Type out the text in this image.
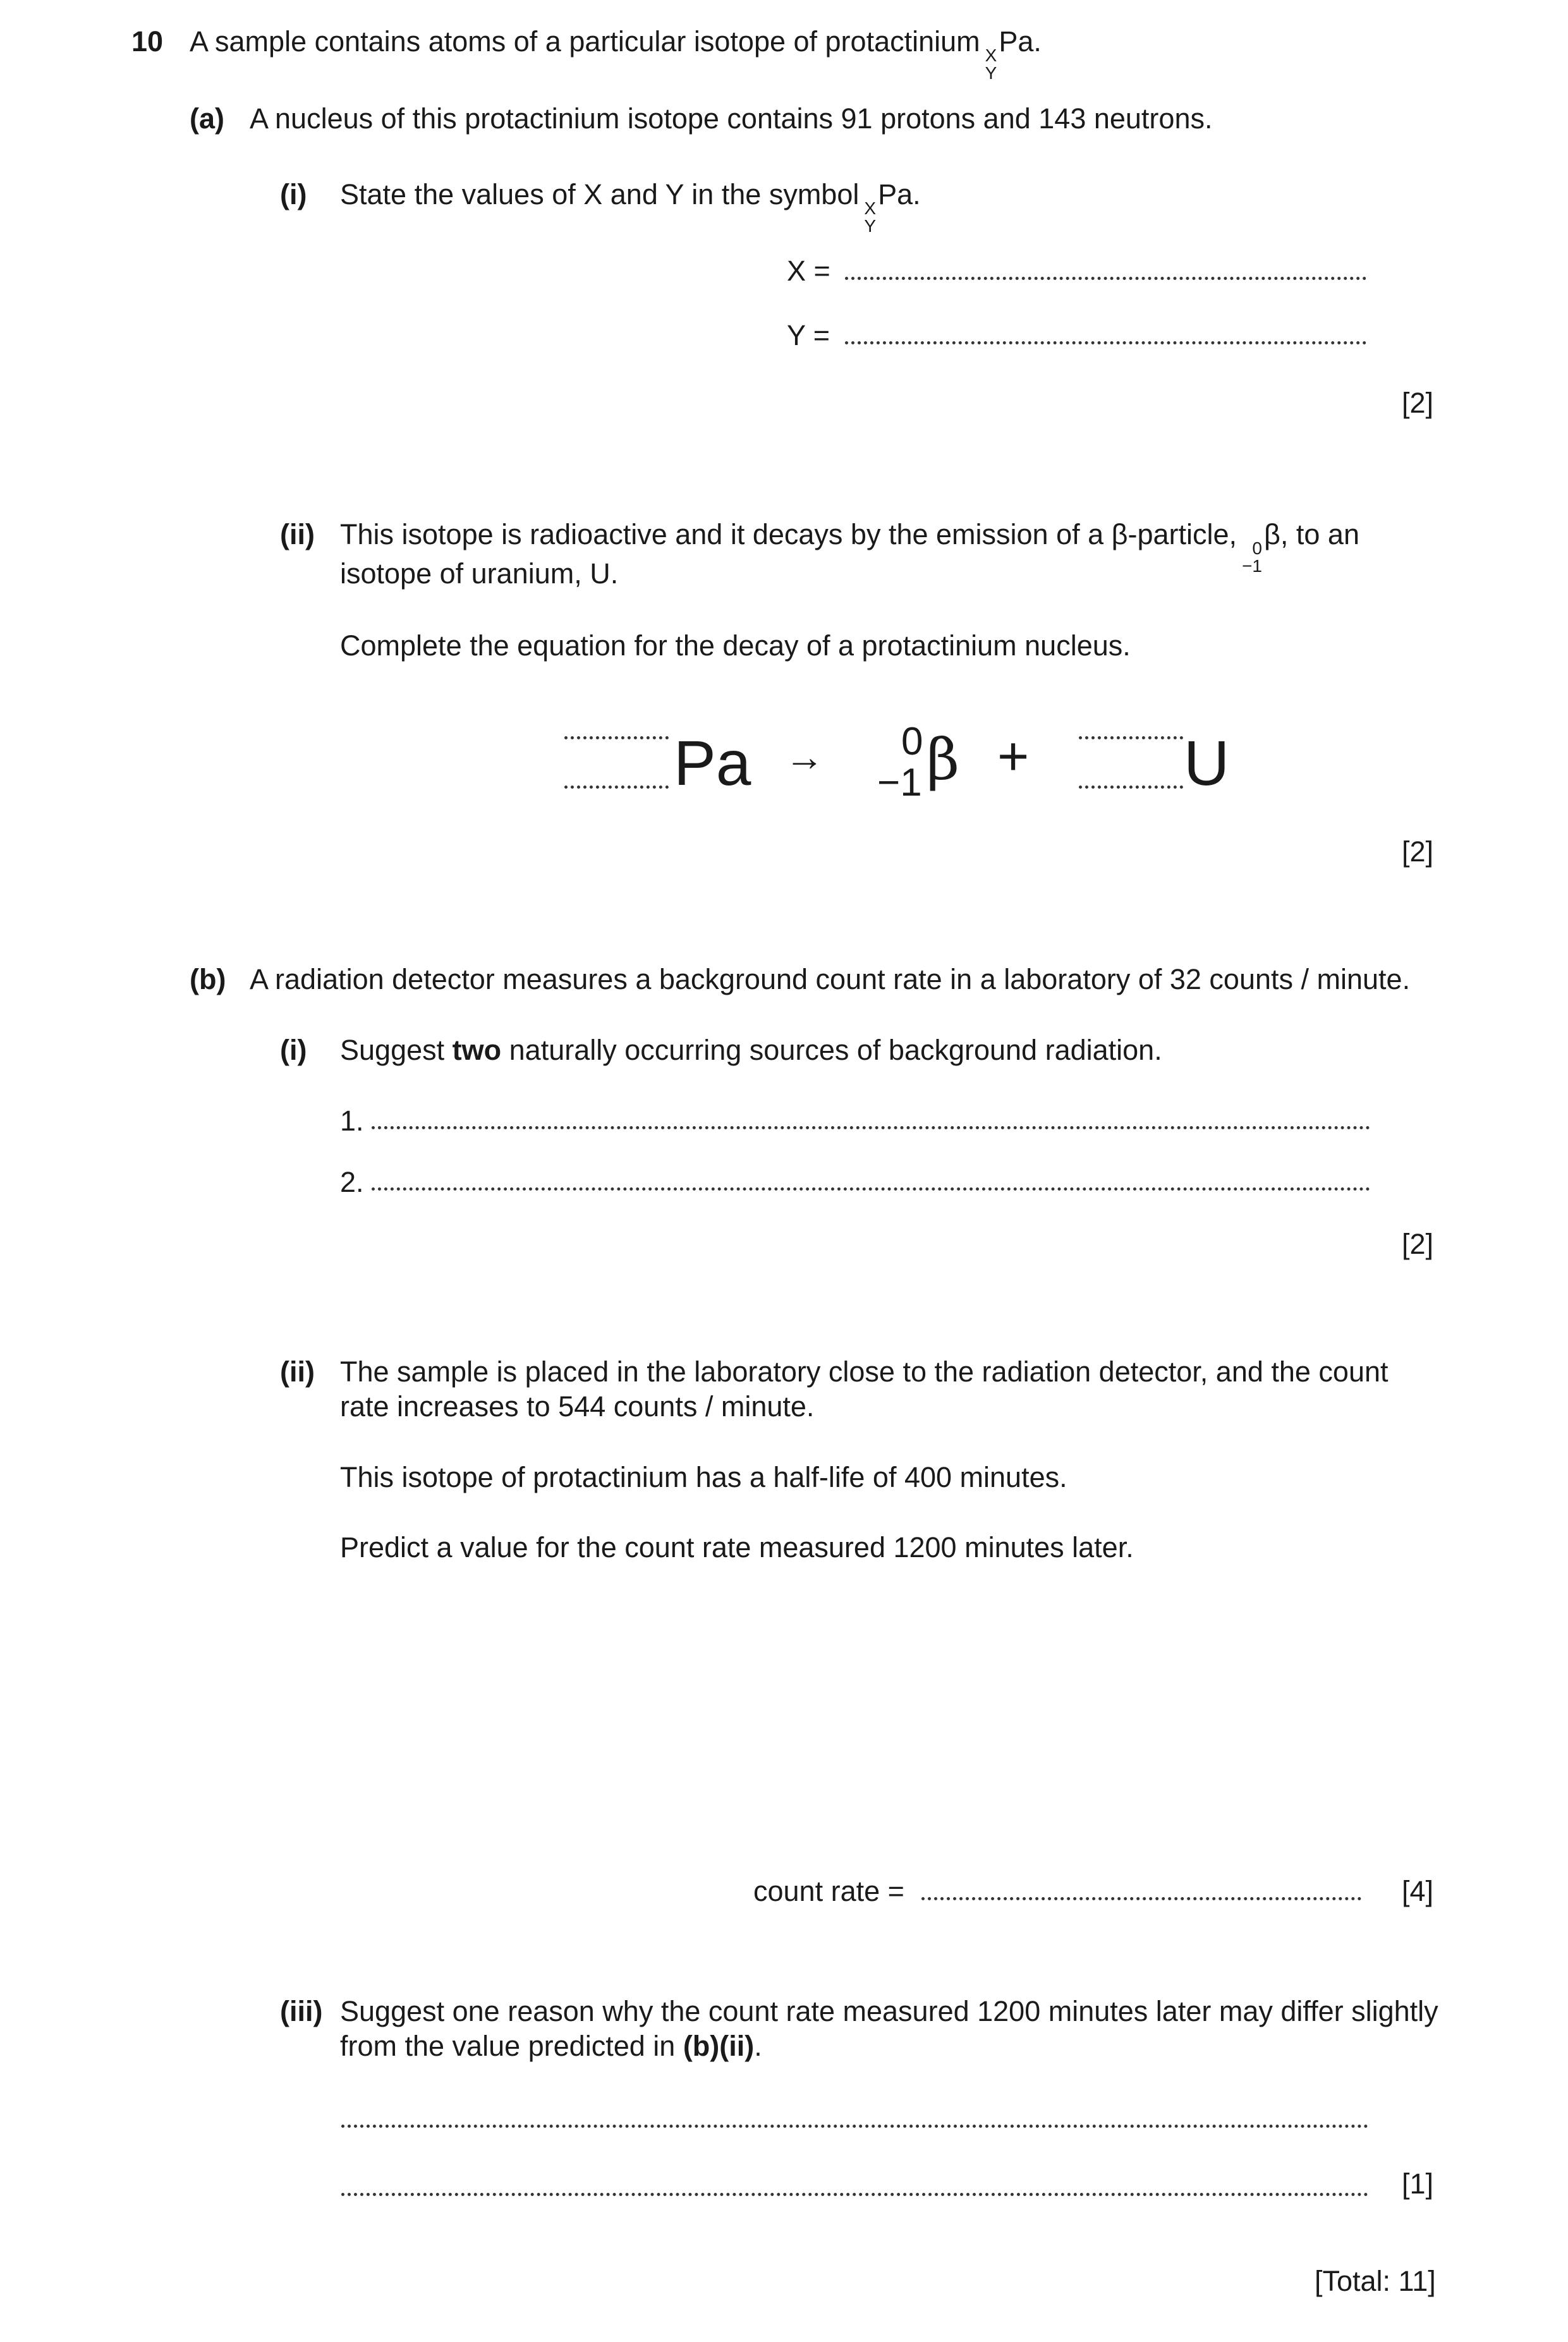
10 A sample contains atoms of a particular isotope of protactinium X
Y
Pa.
(a) A nucleus of this protactinium isotope contains 91 protons and 143 neutrons.
(i) State the values of X and Y in the symbol X
Y
Pa.
X =
Y =
[2]
(ii) This isotope is radioactive and it decays by the emission of a β-particle, 0
−1
β, to an
isotope of uranium, U.
Complete the equation for the decay of a protactinium nucleus.
Pa → 0
−1 β + U
[2]
(b) A radiation detector measures a background count rate in a laboratory of 32 counts / minute.
(i) Suggest two naturally occurring sources of background radiation.
1.
2.
[2]
(ii) The sample is placed in the laboratory close to the radiation detector, and the count
rate increases to 544 counts / minute.
This isotope of protactinium has a half-life of 400 minutes.
Predict a value for the count rate measured 1200 minutes later.
count rate =	[4]
(iii) Suggest one reason why the count rate measured 1200 minutes later may differ slightly
from the value predicted in (b)(ii).
[1]
[Total: 11]
